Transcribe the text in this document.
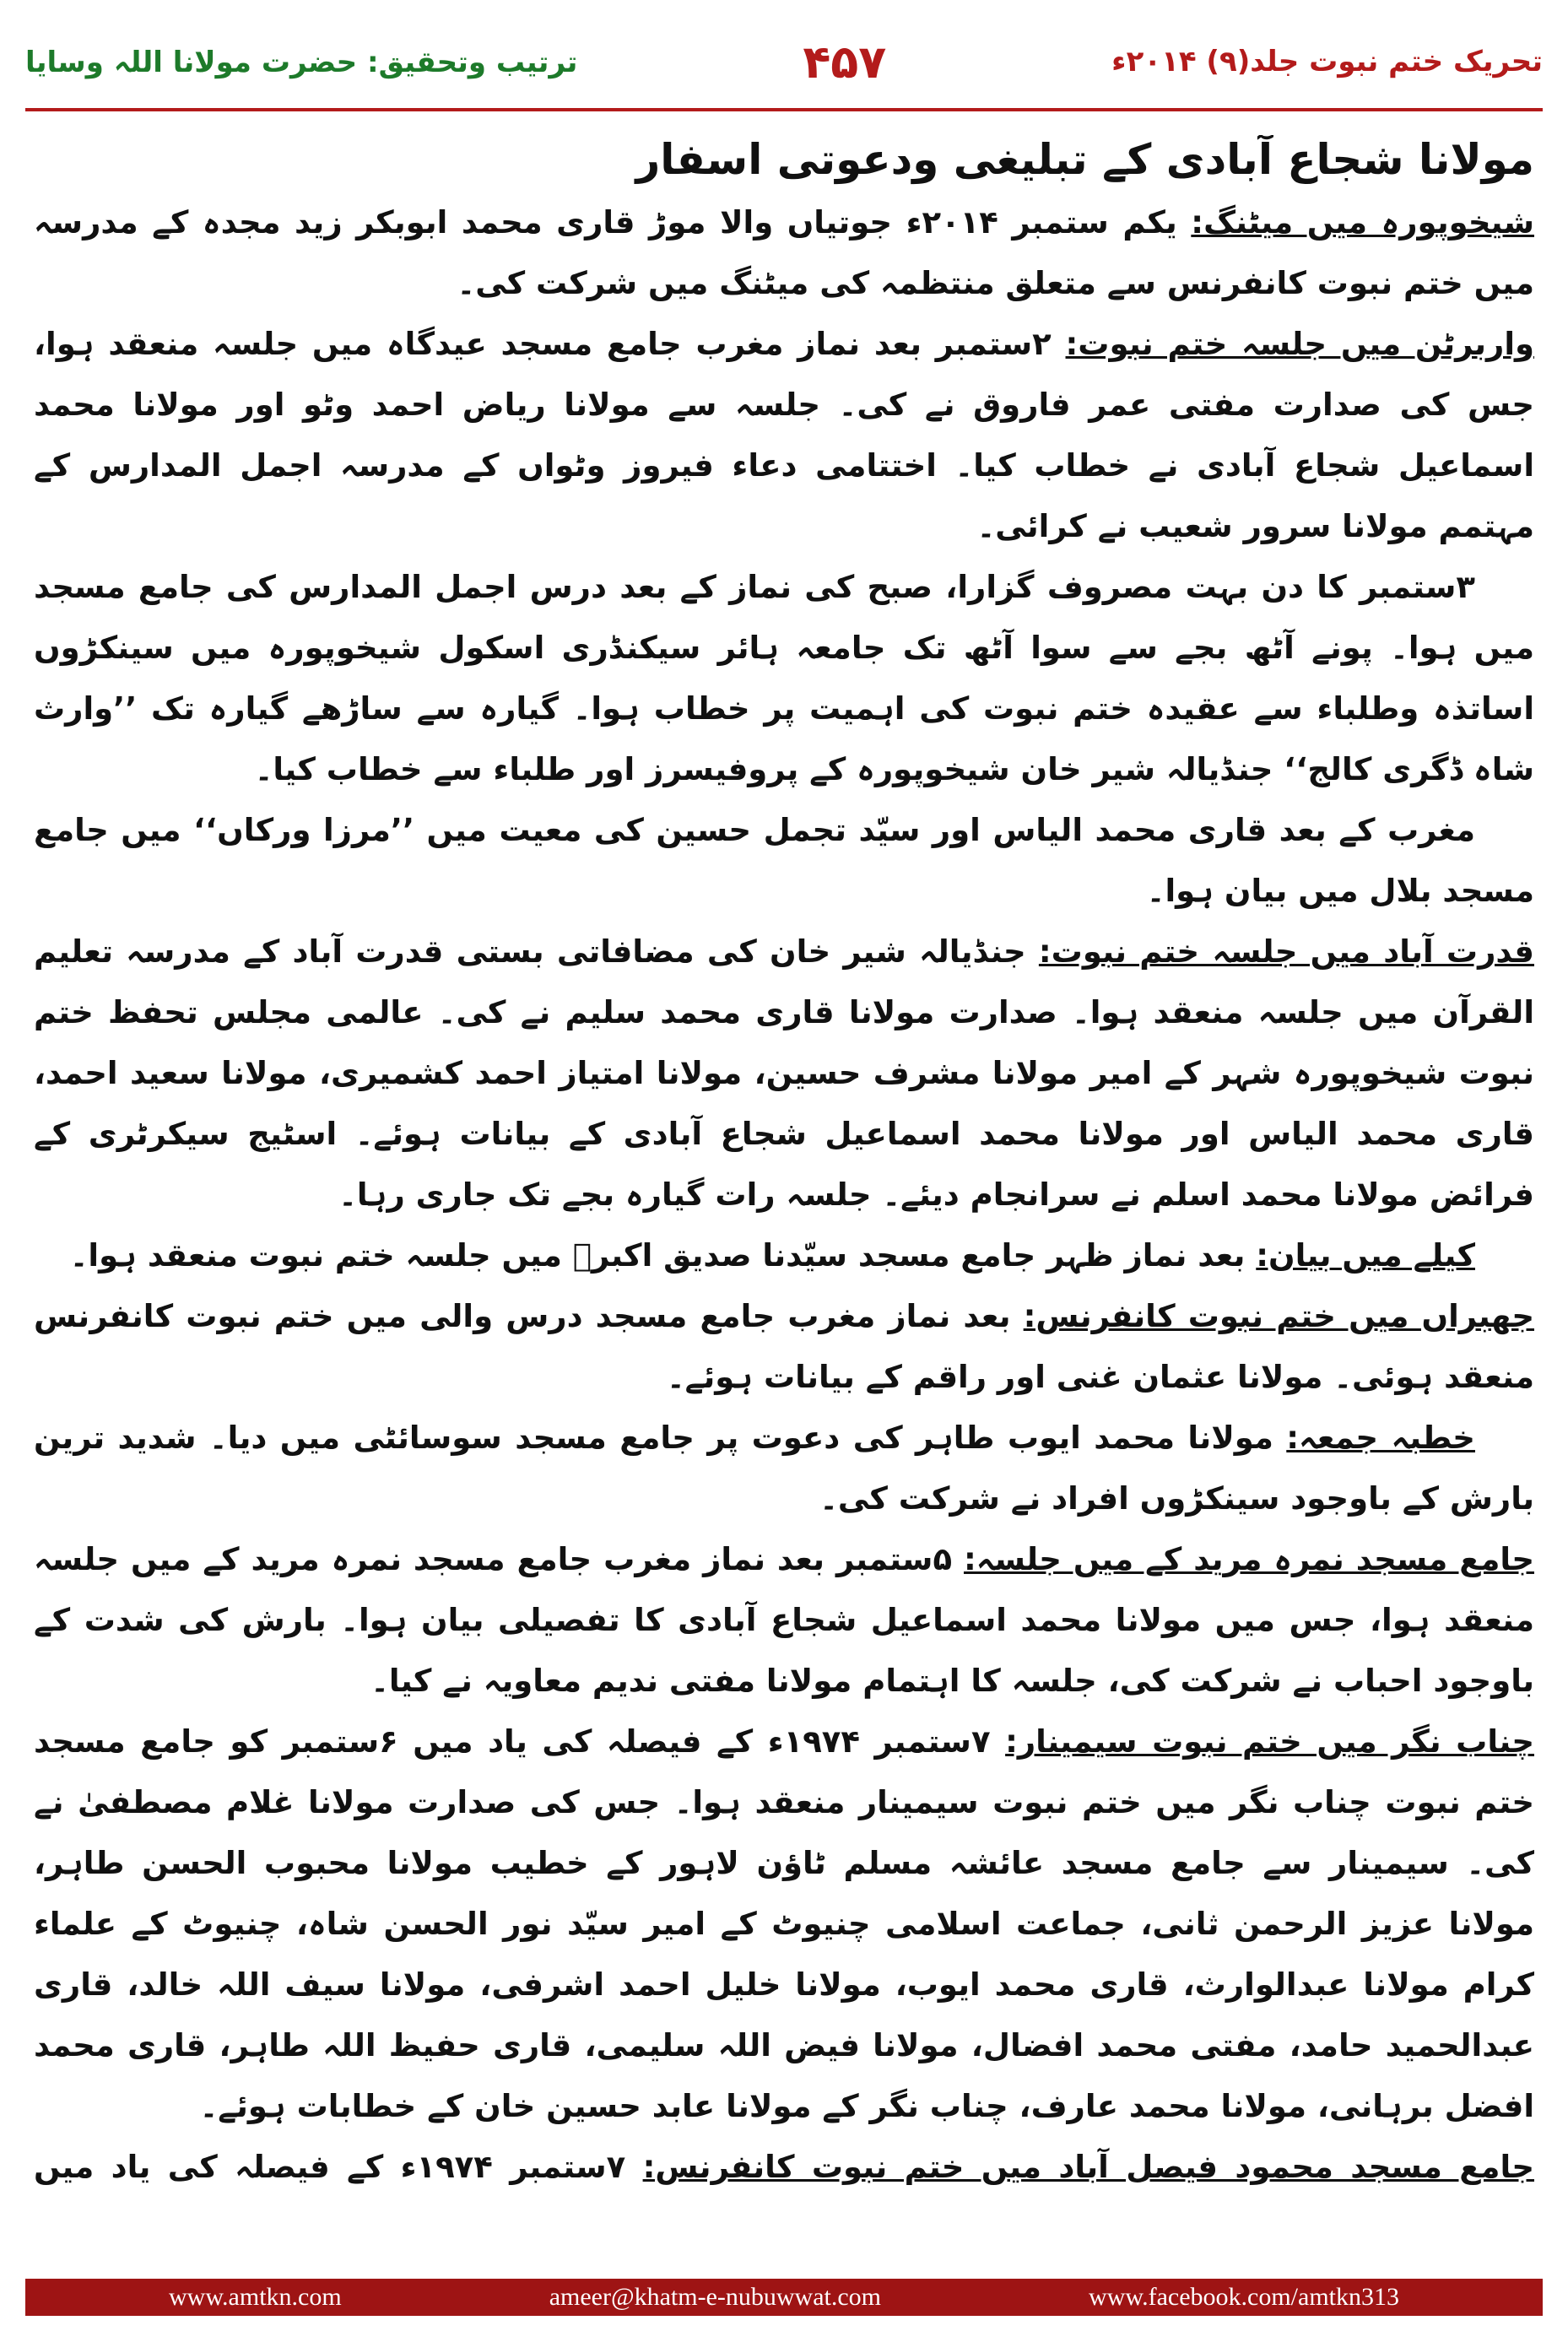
ترتیب وتحقیق: حضرت مولانا اللہ وسایا	۴۵۷	تحریک ختم نبوت جلد(۹) ۲۰۱۴ء
مولانا شجاع آبادی کے تبلیغی ودعوتی اسفار

شیخوپورہ میں میٹنگ: یکم ستمبر ۲۰۱۴ء جوتیاں والا موڑ قاری محمد ابوبکر زید مجدہ کے مدرسہ میں ختم نبوت کانفرنس سے متعلق منتظمہ کی میٹنگ میں شرکت کی۔

واربرٹن میں جلسہ ختم نبوت: ۲ستمبر بعد نماز مغرب جامع مسجد عیدگاہ میں جلسہ منعقد ہوا، جس کی صدارت مفتی عمر فاروق نے کی۔ جلسہ سے مولانا ریاض احمد وٹو اور مولانا محمد اسماعیل شجاع آبادی نے خطاب کیا۔ اختتامی دعاء فیروز وٹواں کے مدرسہ اجمل المدارس کے مہتمم مولانا سرور شعیب نے کرائی۔

۳ستمبر کا دن بہت مصروف گزارا، صبح کی نماز کے بعد درس اجمل المدارس کی جامع مسجد میں ہوا۔ پونے آٹھ بجے سے سوا آٹھ تک جامعہ ہائر سیکنڈری اسکول شیخوپورہ میں سینکڑوں اساتذہ وطلباء سے عقیدہ ختم نبوت کی اہمیت پر خطاب ہوا۔ گیارہ سے ساڑھے گیارہ تک ’’وارث شاہ ڈگری کالج‘‘ جنڈیالہ شیر خان شیخوپورہ کے پروفیسرز اور طلباء سے خطاب کیا۔

مغرب کے بعد قاری محمد الیاس اور سیّد تجمل حسین کی معیت میں ’’مرزا ورکاں‘‘ میں جامع مسجد بلال میں بیان ہوا۔

قدرت آباد میں جلسہ ختم نبوت: جنڈیالہ شیر خان کی مضافاتی بستی قدرت آباد کے مدرسہ تعلیم القرآن میں جلسہ منعقد ہوا۔ صدارت مولانا قاری محمد سلیم نے کی۔ عالمی مجلس تحفظ ختم نبوت شیخوپورہ شہر کے امیر مولانا مشرف حسین، مولانا امتیاز احمد کشمیری، مولانا سعید احمد، قاری محمد الیاس اور مولانا محمد اسماعیل شجاع آبادی کے بیانات ہوئے۔ اسٹیج سیکرٹری کے فرائض مولانا محمد اسلم نے سرانجام دیئے۔ جلسہ رات گیارہ بجے تک جاری رہا۔

کیلے میں بیان: بعد نماز ظہر جامع مسجد سیّدنا صدیق اکبرؓ میں جلسہ ختم نبوت منعقد ہوا۔

جھبراں میں ختم نبوت کانفرنس: بعد نماز مغرب جامع مسجد درس والی میں ختم نبوت کانفرنس منعقد ہوئی۔ مولانا عثمان غنی اور راقم کے بیانات ہوئے۔

خطبہ جمعہ: مولانا محمد ایوب طاہر کی دعوت پر جامع مسجد سوسائٹی میں دیا۔ شدید ترین بارش کے باوجود سینکڑوں افراد نے شرکت کی۔

جامع مسجد نمرہ مرید کے میں جلسہ: ۵ستمبر بعد نماز مغرب جامع مسجد نمرہ مرید کے میں جلسہ منعقد ہوا، جس میں مولانا محمد اسماعیل شجاع آبادی کا تفصیلی بیان ہوا۔ بارش کی شدت کے باوجود احباب نے شرکت کی، جلسہ کا اہتمام مولانا مفتی ندیم معاویہ نے کیا۔

چناب نگر میں ختم نبوت سیمینار: ۷ستمبر ۱۹۷۴ء کے فیصلہ کی یاد میں ۶ستمبر کو جامع مسجد ختم نبوت چناب نگر میں ختم نبوت سیمینار منعقد ہوا۔ جس کی صدارت مولانا غلام مصطفیٰ نے کی۔ سیمینار سے جامع مسجد عائشہ مسلم ٹاؤن لاہور کے خطیب مولانا محبوب الحسن طاہر، مولانا عزیز الرحمن ثانی، جماعت اسلامی چنیوٹ کے امیر سیّد نور الحسن شاہ، چنیوٹ کے علماء کرام مولانا عبدالوارث، قاری محمد ایوب، مولانا خلیل احمد اشرفی، مولانا سیف اللہ خالد، قاری عبدالحمید حامد، مفتی محمد افضال، مولانا فیض اللہ سلیمی، قاری حفیظ اللہ طاہر، قاری محمد افضل برہانی، مولانا محمد عارف، چناب نگر کے مولانا عابد حسین خان کے خطابات ہوئے۔

جامع مسجد محمود فیصل آباد میں ختم نبوت کانفرنس: ۷ستمبر ۱۹۷۴ء کے فیصلہ کی یاد میں

www.amtkn.com	ameer@khatm-e-nubuwwat.com	www.facebook.com/amtkn313
